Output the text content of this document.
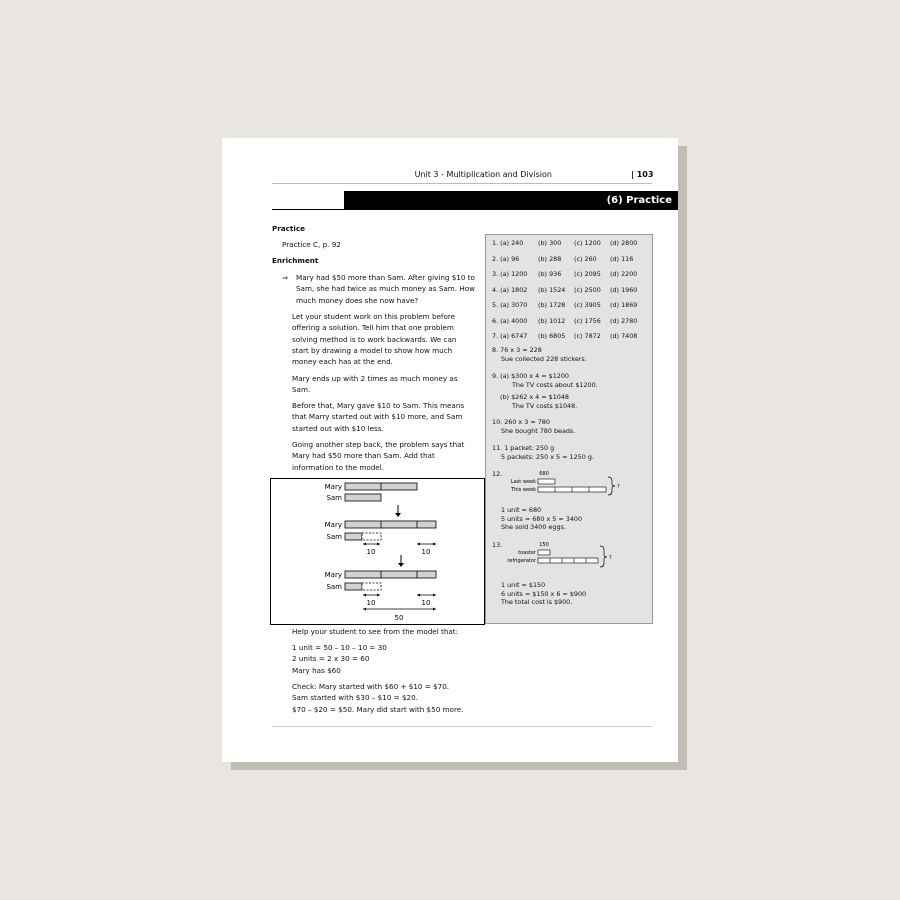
Unit 3 - Multiplication and Division	| 103
(6) Practice
Practice
Practice C, p. 92
Enrichment
⇒ Mary had $50 more than Sam. After giving $10 to
Sam, she had twice as much money as Sam. How
much money does she now have?
Let your student work on this problem before
offering a solution. Tell him that one problem
solving method is to work backwards. We can
start by drawing a model to show how much
money each has at the end.
Mary ends up with 2 times as much money as
Sam.
Before that, Mary gave $10 to Sam. This means
that Marry started out with $10 more, and Sam
started out with $10 less.
Going another step back, the problem says that
Mary had $50 more than Sam. Add that
information to the model.
Mary
Sam
Mary
Sam
10	10
Mary
Sam
10	10
50
Help your student to see from the model that:
1 unit = 50 – 10 – 10 = 30
2 units = 2 x 30 = 60
Mary has $60
Check: Mary started with $60 + $10 = $70.
Sam started with $30 – $10 = $20.
$70 – $20 = $50. Mary did start with $50 more.
1. (a) 240 (b) 300 (c) 1200 (d) 2800
2. (a) 96	(b) 288 (c) 260 (d) 116
3. (a) 1200 (b) 936 (c) 2095 (d) 2200
4. (a) 1802 (b) 1524 (c) 2500 (d) 1960
5. (a) 3070 (b) 1728 (c) 3905 (d) 1869
6. (a) 4000 (b) 1012 (c) 1756 (d) 2780
7. (a) 6747 (b) 6805 (c) 7872 (d) 7408
8. 76 x 3 = 228
Sue collected 228 stickers.
9. (a) $300 x 4 = $1200
The TV costs about $1200.
(b) $262 x 4 = $1048
The TV costs $1048.
10. 260 x 3 = 780
She bought 780 beads.
11. 1 packet: 250 g
5 packets: 250 x 5 = 1250 g.
12.	680
Last week
This week	?
1 unit = 680
5 units = 680 x 5 = 3400
She sold 3400 eggs.
13.	150
toaster
refrigerator	?
1 unit = $150
6 units = $150 x 6 = $900
The total cost is $900.
